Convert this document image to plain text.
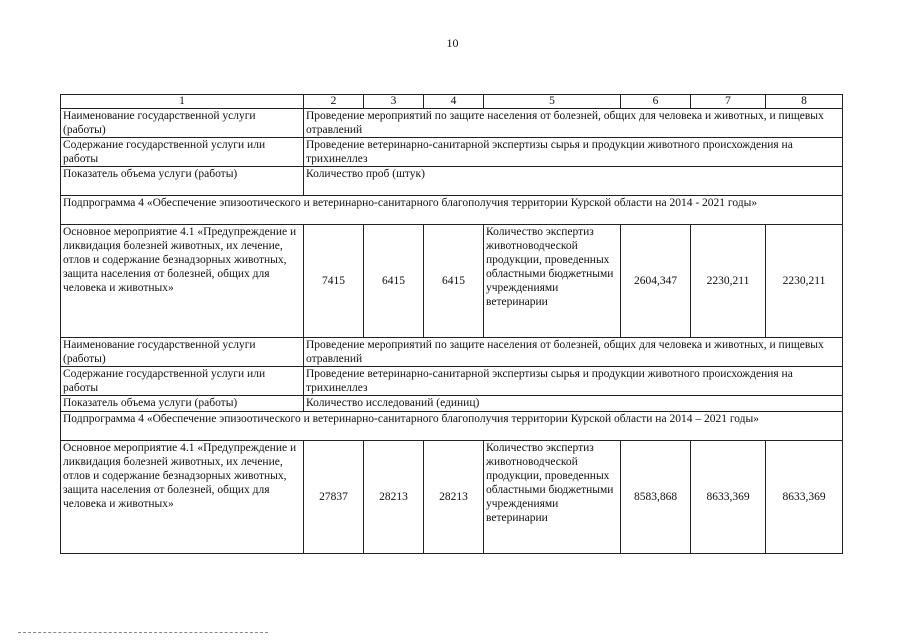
10
1	2	3	4	5	6	7	8
Наименование государственной услуги (работы)	Проведение мероприятий по защите населения от болезней, общих для человека и животных, и пищевых отравлений						
Содержание государственной услуги или работы	Проведение ветеринарно-санитарной экспертизы сырья и продукции животного происхождения на трихинеллез						
Показатель объема услуги (работы)	Количество проб (штук)						
Подпрограмма 4 «Обеспечение эпизоотического и ветеринарно-санитарного благополучия территории Курской области на 2014 - 2021 годы»							
Основное мероприятие 4.1 «Предупреждение и ликвидация болезней животных, их лечение, отлов и содержание безнадзорных животных, защита населения от болезней, общих для человека и животных»	7415	6415	6415	Количество экспертиз животноводческой продукции, проведенных областными бюджетными учреждениями ветеринарии	2604,347	2230,211	2230,211
Наименование государственной услуги (работы)	Проведение мероприятий по защите населения от болезней, общих для человека и животных, и пищевых отравлений						
Содержание государственной услуги или работы	Проведение ветеринарно-санитарной экспертизы сырья и продукции животного происхождения на трихинеллез						
Показатель объема услуги (работы)	Количество исследований (единиц)						
Подпрограмма 4 «Обеспечение эпизоотического и ветеринарно-санитарного благополучия территории Курской области на 2014 – 2021 годы»							
Основное мероприятие 4.1 «Предупреждение и ликвидация болезней животных, их лечение, отлов и содержание безнадзорных животных, защита населения от болезней, общих для человека и животных»	27837	28213	28213	Количество экспертиз животноводческой продукции, проведенных областными бюджетными учреждениями ветеринарии	8583,868	8633,369	8633,369
